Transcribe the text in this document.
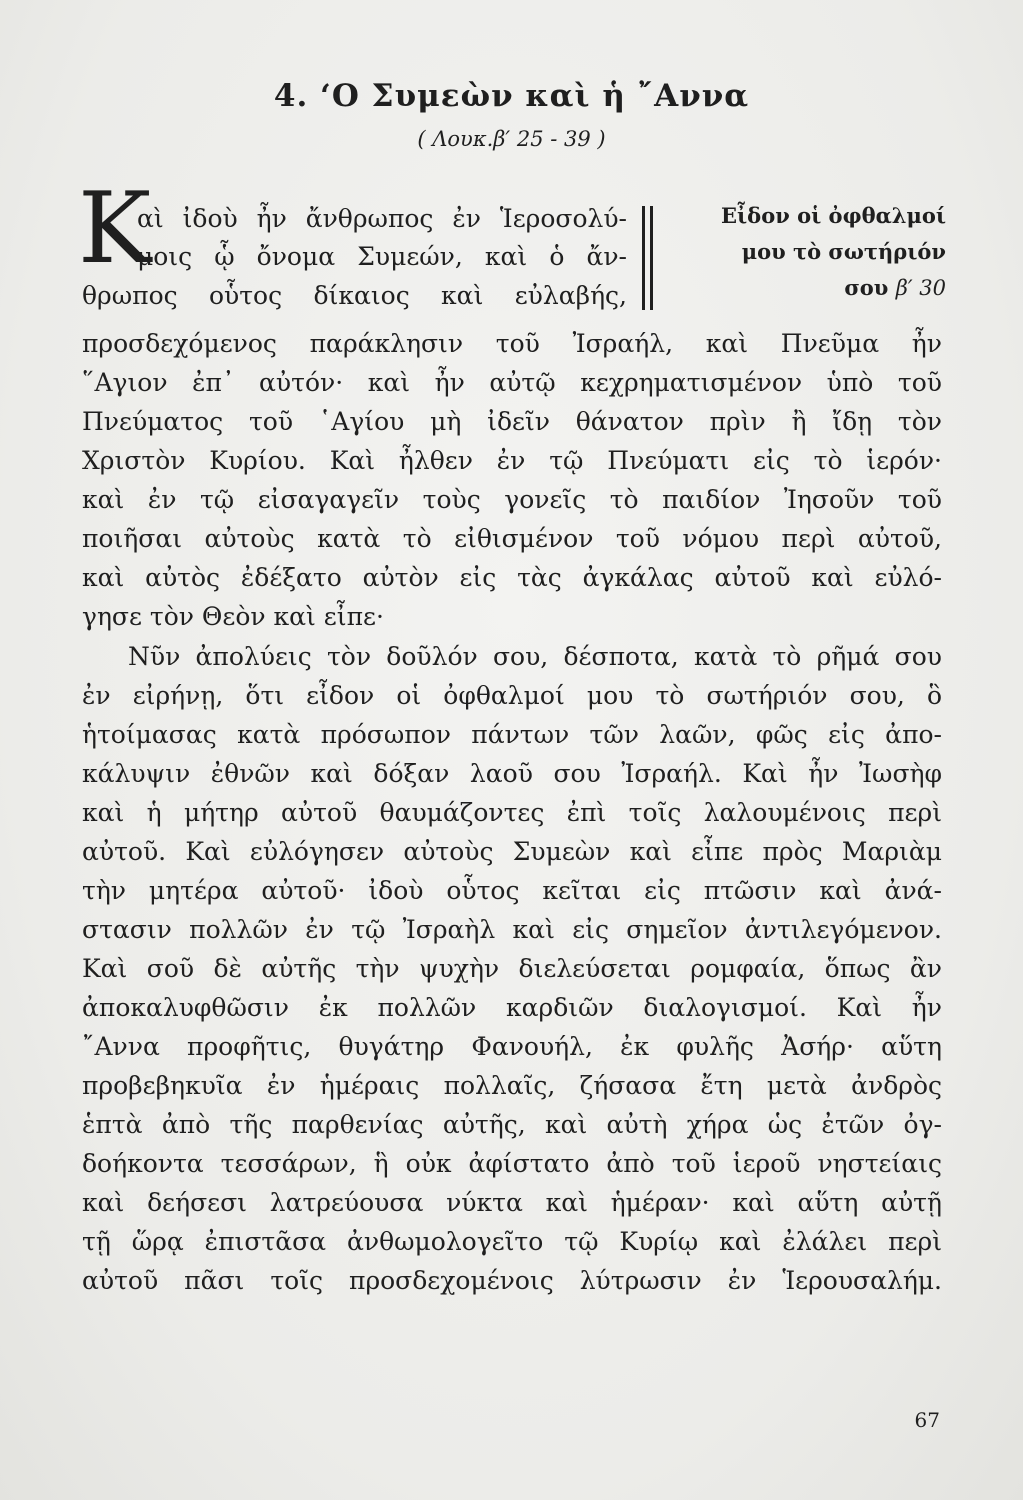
4. ‘Ο Συμεὼν καὶ ἡ ῎Αννα
( Λουκ.β′ 25 - 39 )
Κ
αὶ ἰδοὺ ἦν ἄνθρωπος ἐν Ἱεροσολύ-
μοις ᾧ ὄνομα Συμεών, καὶ ὁ ἄν-
θρωπος οὗτος δίκαιος καὶ εὐλαβής,
Εἶδον οἱ ὀφθαλμοί
μου τὸ σωτήριόν
σου β′ 30
προσδεχόμενος παράκλησιν τοῦ Ἰσραήλ, καὶ Πνεῦμα ἦν
῞Αγιον ἐπ᾿ αὐτόν· καὶ ἦν αὐτῷ κεχρηματισμένον ὑπὸ τοῦ
Πνεύματος τοῦ ῾Αγίου μὴ ἰδεῖν θάνατον πρὶν ἢ ἴδῃ τὸν
Χριστὸν Κυρίου. Καὶ ἦλθεν ἐν τῷ Πνεύματι εἰς τὸ ἱερόν·
καὶ ἐν τῷ εἰσαγαγεῖν τοὺς γονεῖς τὸ παιδίον Ἰησοῦν τοῦ
ποιῆσαι αὐτοὺς κατὰ τὸ εἰθισμένον τοῦ νόμου περὶ αὐτοῦ,
καὶ αὐτὸς ἐδέξατο αὐτὸν εἰς τὰς ἀγκάλας αὐτοῦ καὶ εὐλό-
γησε τὸν Θεὸν καὶ εἶπε·
Νῦν ἀπολύεις τὸν δοῦλόν σου, δέσποτα, κατὰ τὸ ρῆμά σου
ἐν εἰρήνῃ, ὅτι εἶδον οἱ ὀφθαλμοί μου τὸ σωτήριόν σου, ὃ
ἡτοίμασας κατὰ πρόσωπον πάντων τῶν λαῶν, φῶς εἰς ἀπο-
κάλυψιν ἐθνῶν καὶ δόξαν λαοῦ σου Ἰσραήλ. Καὶ ἦν Ἰωσὴφ
καὶ ἡ μήτηρ αὐτοῦ θαυμάζοντες ἐπὶ τοῖς λαλουμένοις περὶ
αὐτοῦ. Καὶ εὐλόγησεν αὐτοὺς Συμεὼν καὶ εἶπε πρὸς Μαριὰμ
τὴν μητέρα αὐτοῦ· ἰδοὺ οὗτος κεῖται εἰς πτῶσιν καὶ ἀνά-
στασιν πολλῶν ἐν τῷ Ἰσραὴλ καὶ εἰς σημεῖον ἀντιλεγόμενον.
Καὶ σοῦ δὲ αὐτῆς τὴν ψυχὴν διελεύσεται ρομφαία, ὅπως ἂν
ἀποκαλυφθῶσιν ἐκ πολλῶν καρδιῶν διαλογισμοί. Καὶ ἦν
῎Αννα προφῆτις, θυγάτηρ Φανουήλ, ἐκ φυλῆς Ἀσήρ· αὕτη
προβεβηκυῖα ἐν ἡμέραις πολλαῖς, ζήσασα ἔτη μετὰ ἀνδρὸς
ἑπτὰ ἀπὸ τῆς παρθενίας αὐτῆς, καὶ αὐτὴ χήρα ὡς ἐτῶν ὀγ-
δοήκοντα τεσσάρων, ἣ οὐκ ἀφίστατο ἀπὸ τοῦ ἱεροῦ νηστείαις
καὶ δεήσεσι λατρεύουσα νύκτα καὶ ἡμέραν· καὶ αὕτη αὐτῇ
τῇ ὥρᾳ ἐπιστᾶσα ἀνθωμολογεῖτο τῷ Κυρίῳ καὶ ἐλάλει περὶ
αὐτοῦ πᾶσι τοῖς προσδεχομένοις λύτρωσιν ἐν Ἱερουσαλήμ.
67
